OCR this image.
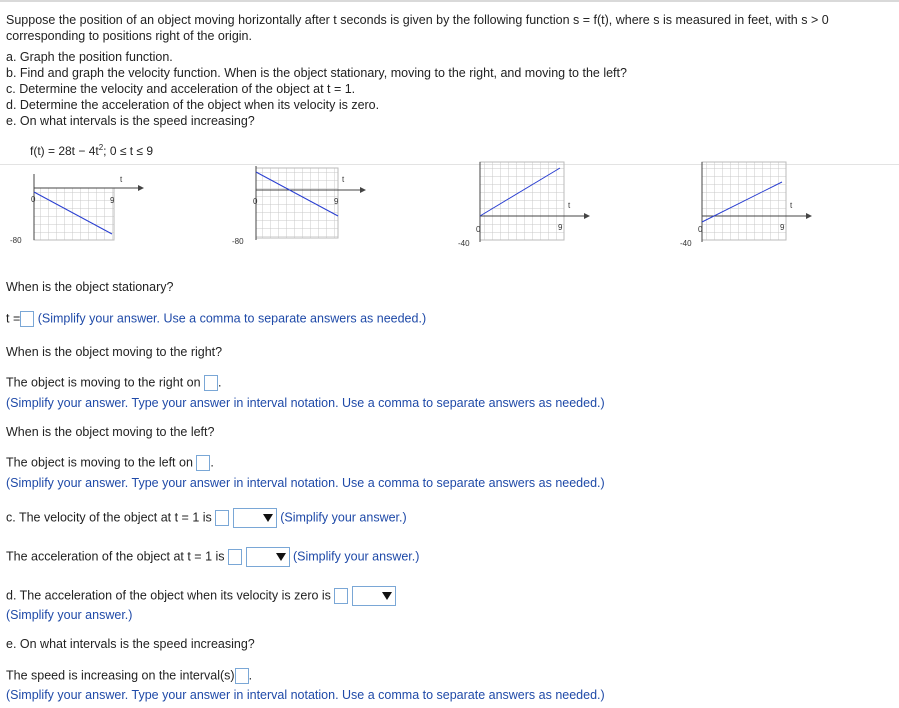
Suppose the position of an object moving horizontally after t seconds is given by the following function s = f(t), where s is measured in feet, with s > 0
corresponding to positions right of the origin.
a. Graph the position function.
b. Find and graph the velocity function. When is the object stationary, moving to the right, and moving to the left?
c. Determine the velocity and acceleration of the object at t = 1.
d. Determine the acceleration of the object when its velocity is zero.
e. On what intervals is the speed increasing?
$f(t) = 28t - 4t^2$; 0 ≤ t ≤ 9
t
0	9
-80
t
0	9
-80
t
0	9
-40
t
0	9
-40
When is the object stationary?
t = (Simplify your answer. Use a comma to separate answers as needed.)
When is the object moving to the right?
The object is moving to the right on .
(Simplify your answer. Type your answer in interval notation. Use a comma to separate answers as needed.)
When is the object moving to the left?
The object is moving to the left on .
(Simplify your answer. Type your answer in interval notation. Use a comma to separate answers as needed.)
c. The velocity of the object at t = 1 is	(Simplify your answer.)
The acceleration of the object at t = 1 is	(Simplify your answer.)
d. The acceleration of the object when its velocity is zero is
(Simplify your answer.)
e. On what intervals is the speed increasing?
The speed is increasing on the interval(s) .
(Simplify your answer. Type your answer in interval notation. Use a comma to separate answers as needed.)
